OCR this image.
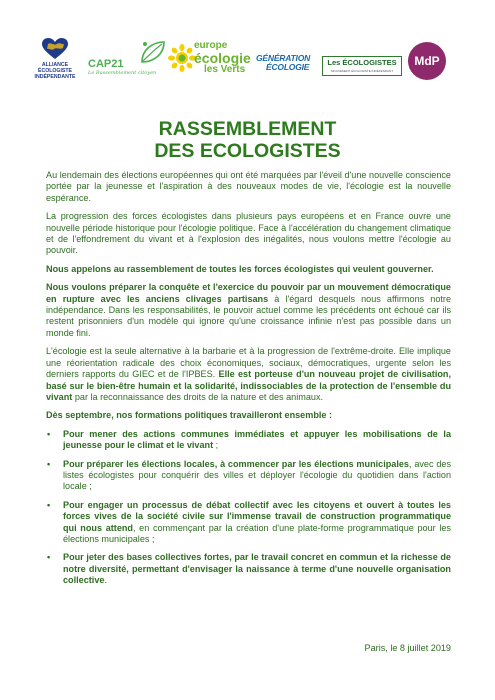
ALLIANCE
ÉCOLOGISTE
INDÉPENDANTE
CAP21
Le Rassemblement citoyen
europe
écologie
les Verts
GÉNÉRATION
ÉCOLOGIE	Les ÉCOLOGISTES
MOUVEMENT ÉCOLOGISTE INDÉPENDANT
MdP
RASSEMBLEMENT
DES ECOLOGISTES

Au lendemain des élections européennes qui ont été marquées par l'éveil d'une nouvelle conscience portée par la jeunesse et l'aspiration à des nouveaux modes de vie, l'écologie est la nouvelle espérance.

La progression des forces écologistes dans plusieurs pays européens et en France ouvre une nouvelle période historique pour l'écologie politique. Face à l'accélération du changement climatique et de l'effondrement du vivant et à l'explosion des inégalités, nous voulons mettre l'écologie au pouvoir.

Nous appelons au rassemblement de toutes les forces écologistes qui veulent gouverner.

Nous voulons préparer la conquête et l'exercice du pouvoir par un mouvement démocratique en rupture avec les anciens clivages partisans à l'égard desquels nous affirmons notre indépendance. Dans les responsabilités, le pouvoir actuel comme les précédents ont échoué car ils restent prisonniers d'un modèle qui ignore qu'une croissance infinie n'est pas possible dans un monde fini.

L'écologie est la seule alternative à la barbarie et à la progression de l'extrême-droite. Elle implique une réorientation radicale des choix économiques, sociaux, démocratiques, urgente selon les derniers rapports du GIEC et de l'IPBES. Elle est porteuse d'un nouveau projet de civilisation, basé sur le bien-être humain et la solidarité, indissociables de la protection de l'ensemble du vivant par la reconnaissance des droits de la nature et des animaux.

Dès septembre, nos formations politiques travailleront ensemble :

• Pour mener des actions communes immédiates et appuyer les mobilisations de la jeunesse pour le climat et le vivant ;
• Pour préparer les élections locales, à commencer par les élections municipales, avec des listes écologistes pour conquérir des villes et déployer l'écologie du quotidien dans l'action locale ;
• Pour engager un processus de débat collectif avec les citoyens et ouvert à toutes les forces vives de la société civile sur l'immense travail de construction programmatique qui nous attend, en commençant par la création d'une plate-forme programmatique pour les élections municipales ;
• Pour jeter des bases collectives fortes, par le travail concret en commun et la richesse de notre diversité, permettant d'envisager la naissance à terme d'une nouvelle organisation collective.
Paris, le 8 juillet 2019
